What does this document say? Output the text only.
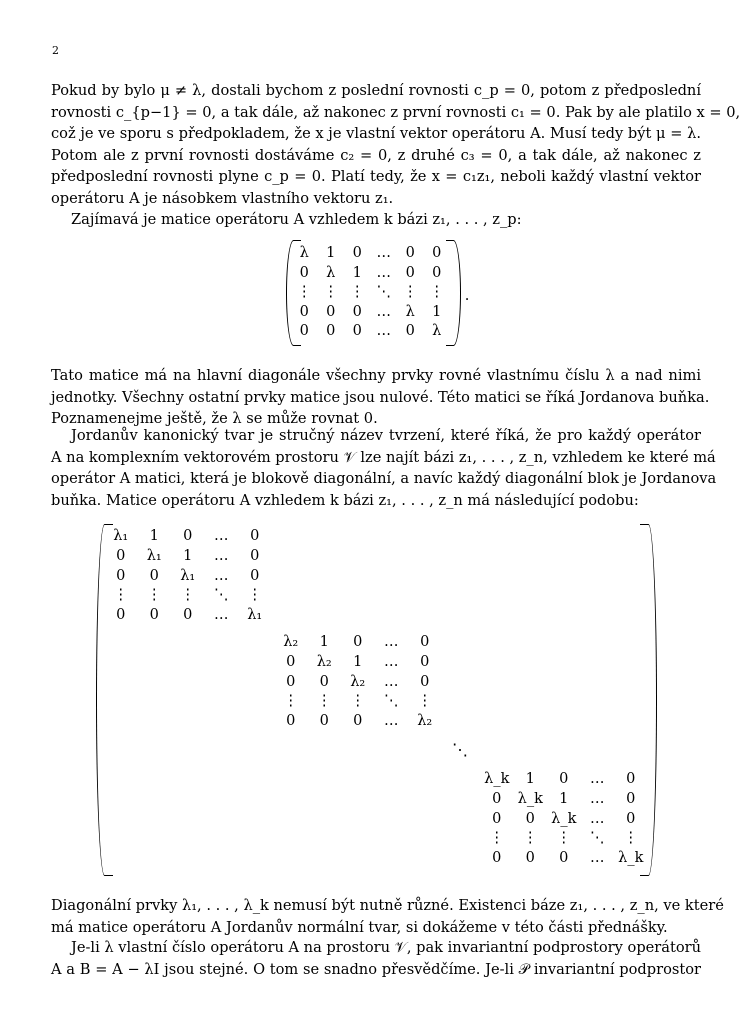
2
Pokud by bylo μ ≠ λ, dostali bychom z poslední rovnosti c_p = 0, potom z předposlední
rovnosti c_{p−1} = 0, a tak dále, až nakonec z první rovnosti c₁ = 0. Pak by ale platilo x = 0,
což je ve sporu s předpokladem, že x je vlastní vektor operátoru A. Musí tedy být μ = λ.
Potom ale z první rovnosti dostáváme c₂ = 0, z druhé c₃ = 0, a tak dále, až nakonec z
předposlední rovnosti plyne c_p = 0. Platí tedy, že x = c₁z₁, neboli každý vlastní vektor
operátoru A je násobkem vlastního vektoru z₁.
Zajímavá je matice operátoru A vzhledem k bázi z₁, . . . , z_p:
λ	1	0	…	0	0
0	λ	1	…	0	0
⋮ ⋮ ⋮ ⋱ ⋮ ⋮
0	0	0	…	λ	1
0	0	0	…	0	λ
.
Tato matice má na hlavní diagonále všechny prvky rovné vlastnímu číslu λ a nad nimi
jednotky. Všechny ostatní prvky matice jsou nulové. Této matici se říká Jordanova buňka.
Poznamenejme ještě, že λ se může rovnat 0.
Jordanův kanonický tvar je stručný název tvrzení, které říká, že pro každý operátor
A na komplexním vektorovém prostoru 𝒱 lze najít bázi z₁, . . . , z_n, vzhledem ke které má
operátor A matici, která je blokově diagonální, a navíc každý diagonální blok je Jordanova
buňka. Matice operátoru A vzhledem k bázi z₁, . . . , z_n má následující podobu:
λ₁	1	0	…	0
0	λ₁	1	…	0
0	0	λ₁	…	0
⋮	⋮	⋮	⋱	⋮
0	0	0	…	λ₁
λ₂	1	0	…	0
0	λ₂	1	…	0
0	0	λ₂	…	0
⋮	⋮	⋮	⋱	⋮
0	0	0	…	λ₂
⋱
λ_k	1	0	…	0
0	λ_k	1	…	0
0	0	λ_k …	0
⋮	⋮	⋮	⋱	⋮
0	0	0	… λ_k
Diagonální prvky λ₁, . . . , λ_k nemusí být nutně různé. Existenci báze z₁, . . . , z_n, ve které
má matice operátoru A Jordanův normální tvar, si dokážeme v této části přednášky.
Je-li λ vlastní číslo operátoru A na prostoru 𝒱, pak invariantní podprostory operátorů
A a B = A − λI jsou stejné. O tom se snadno přesvědčíme. Je-li 𝒫 invariantní podprostor
